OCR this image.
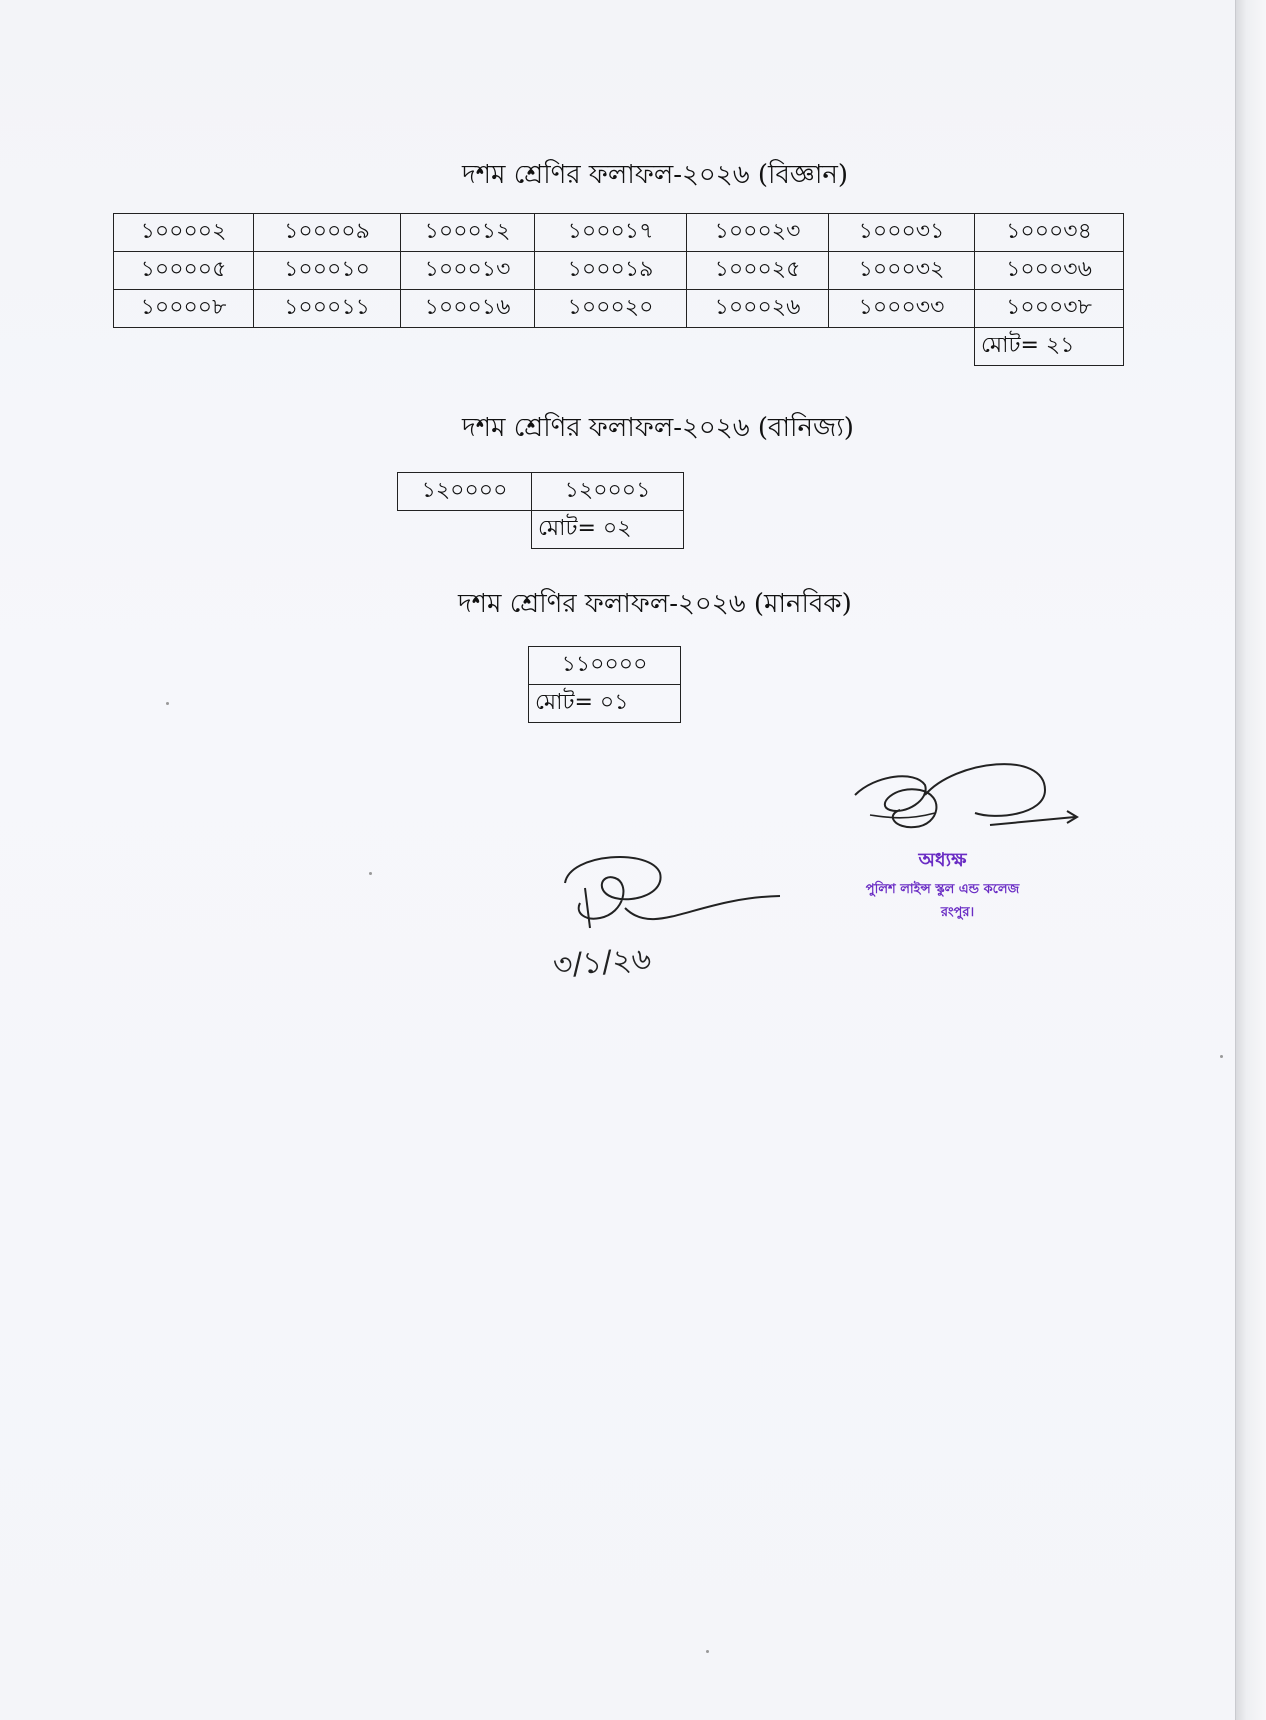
দশম শ্রেণির ফলাফল-২০২৬ (বিজ্ঞান)
১০০০০২	১০০০০৯	১০০০১২	১০০০১৭	১০০০২৩	১০০০৩১	১০০০৩৪
১০০০০৫	১০০০১০	১০০০১৩	১০০০১৯	১০০০২৫	১০০০৩২	১০০০৩৬
১০০০০৮	১০০০১১	১০০০১৬	১০০০২০	১০০০২৬	১০০০৩৩	১০০০৩৮
						মোট= ২১
দশম শ্রেণির ফলাফল-২০২৬ (বানিজ্য)
১২০০০০	১২০০০১
	মোট= ০২
দশম শ্রেণির ফলাফল-২০২৬ (মানবিক)
১১০০০০
মোট= ০১
অধ্যক্ষ
পুলিশ লাইন্স স্কুল এন্ড কলেজ
রংপুর।
৩/১/২৬
